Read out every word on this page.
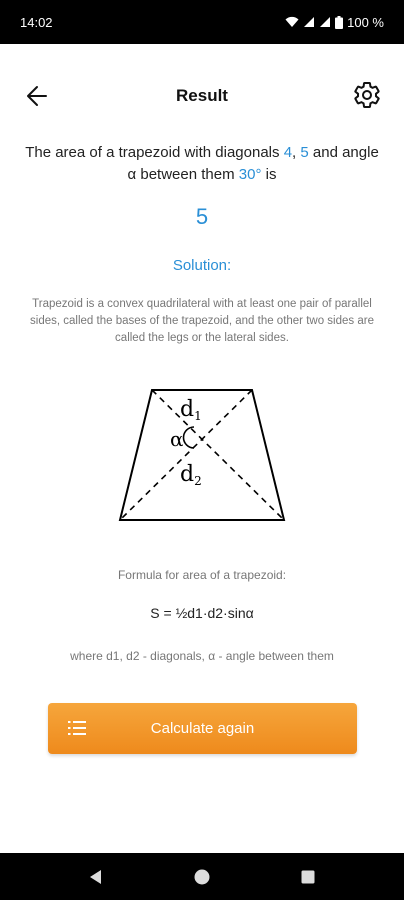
14:02	100 %
Result
The area of a trapezoid with diagonals 4, 5 and angle α between them 30° is
5
Solution:
Trapezoid is a convex quadrilateral with at least one pair of parallel sides, called the bases of the trapezoid, and the other two sides are called the legs or the lateral sides.
d1
α
d2
Formula for area of a trapezoid:
S = ½d1·d2·sinα
where d1, d2 - diagonals, α - angle between them
Calculate again
